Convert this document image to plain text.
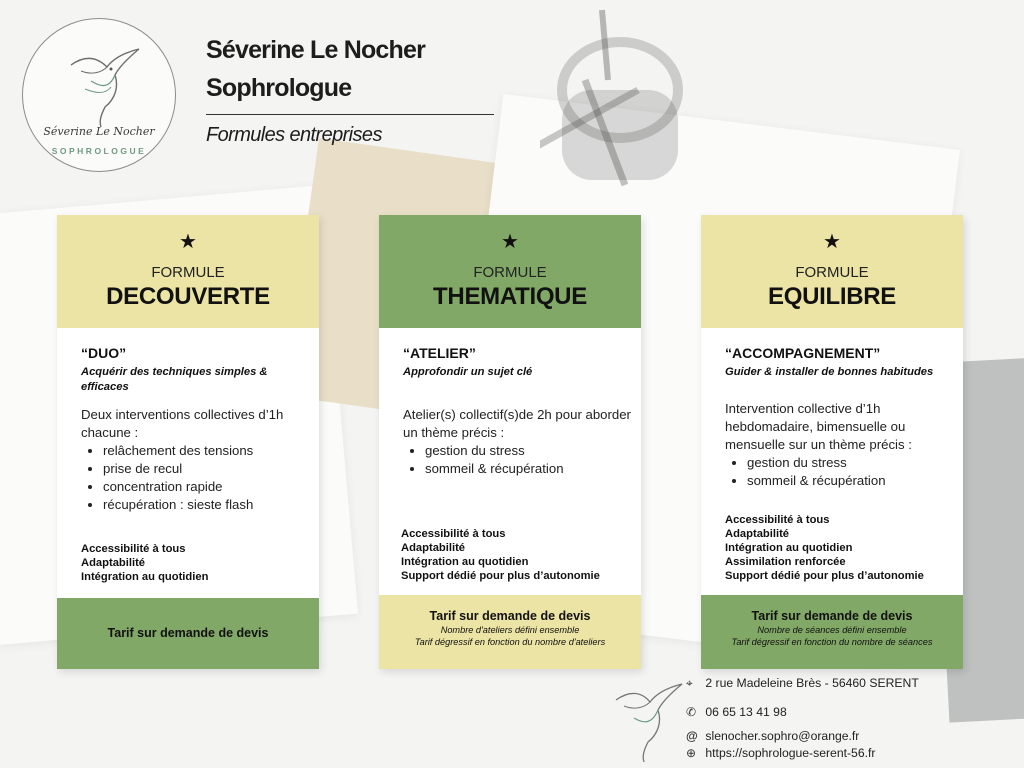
Séverine Le Nocher
SOPHROLOGUE
Séverine Le Nocher
Sophrologue
Formules entreprises
★
FORMULE
DECOUVERTE
“DUO”
Acquérir des techniques simples & efficaces
Deux interventions collectives d’1h chacune :
• relâchement des tensions
• prise de recul
• concentration rapide
• récupération : sieste flash
Accessibilité à tous
Adaptabilité
Intégration au quotidien
Tarif sur demande de devis
★
FORMULE
THEMATIQUE
“ATELIER”
Approfondir un sujet clé
Atelier(s) collectif(s)de 2h pour aborder un thème précis :
• gestion du stress
• sommeil & récupération
Accessibilité à tous
Adaptabilité
Intégration au quotidien
Support dédié pour plus d’autonomie
Tarif sur demande de devis
Nombre d'ateliers défini ensemble
Tarif dégressif en fonction du nombre d'ateliers
★
FORMULE
EQUILIBRE
“ACCOMPAGNEMENT”
Guider & installer de bonnes habitudes
Intervention collective d’1h hebdomadaire, bimensuelle ou mensuelle sur un thème précis :
• gestion du stress
• sommeil & récupération
Accessibilité à tous
Adaptabilité
Intégration au quotidien
Assimilation renforcée
Support dédié pour plus d’autonomie
Tarif sur demande de devis
Nombre de séances défini ensemble
Tarif dégressif en fonction du nombre de séances
⌖ 2 rue Madeleine Brès - 56460 SERENT
✆ 06 65 13 41 98
@ slenocher.sophro@orange.fr
⊕ https://sophrologue-serent-56.fr
